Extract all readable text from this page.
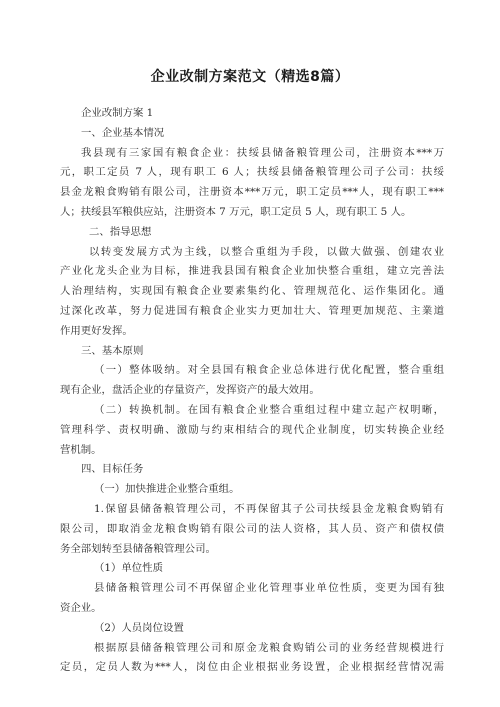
企业改制方案范文（精选8篇）
企业改制方案 1
一、企业基本情况
我县现有三家国有粮食企业：扶绥县储备粮管理公司，注册资本***万
元，职工定员 7 人，现有职工 6 人；扶绥县储备粮管理公司子公司：扶绥
县金龙粮食购销有限公司，注册资本***万元，职工定员***人，现有职工***
人；扶绥县军粮供应站，注册资本 7 万元，职工定员 5 人，现有职工 5 人。
二、指导思想
以转变发展方式为主线，以整合重组为手段，以做大做强、创建农业
产业化龙头企业为目标，推进我县国有粮食企业加快整合重组，建立完善法
人治理结构，实现国有粮食企业要素集约化、管理规范化、运作集团化。通
过深化改革，努力促进国有粮食企业实力更加壮大、管理更加规范、主業道
作用更好发挥。
三、基本原则
（一）整体吸纳。对全县国有粮食企业总体进行优化配置，整合重组
现有企业，盘活企业的存量资产，发挥资产的最大效用。
（二）转换机制。在国有粮食企业整合重组过程中建立起产权明晰，
管理科学、责权明确、激励与约束相结合的现代企业制度，切实转换企业经
营机制。
四、目标任务
（一）加快推进企业整合重组。
1.保留县储备粮管理公司，不再保留其子公司扶绥县金龙粮食购销有
限公司，即取消金龙粮食购销有限公司的法人资格，其人员、资产和债权债
务全部划转至县储备粮管理公司。
（1）单位性质
县储备粮管理公司不再保留企业化管理事业单位性质，变更为国有独
资企业。
（2）人员岗位设置
根据原县储备粮管理公司和原金龙粮食购销公司的业务经营规模进行
定员，定员人数为***人，岗位由企业根据业务设置，企业根据经营情况需
